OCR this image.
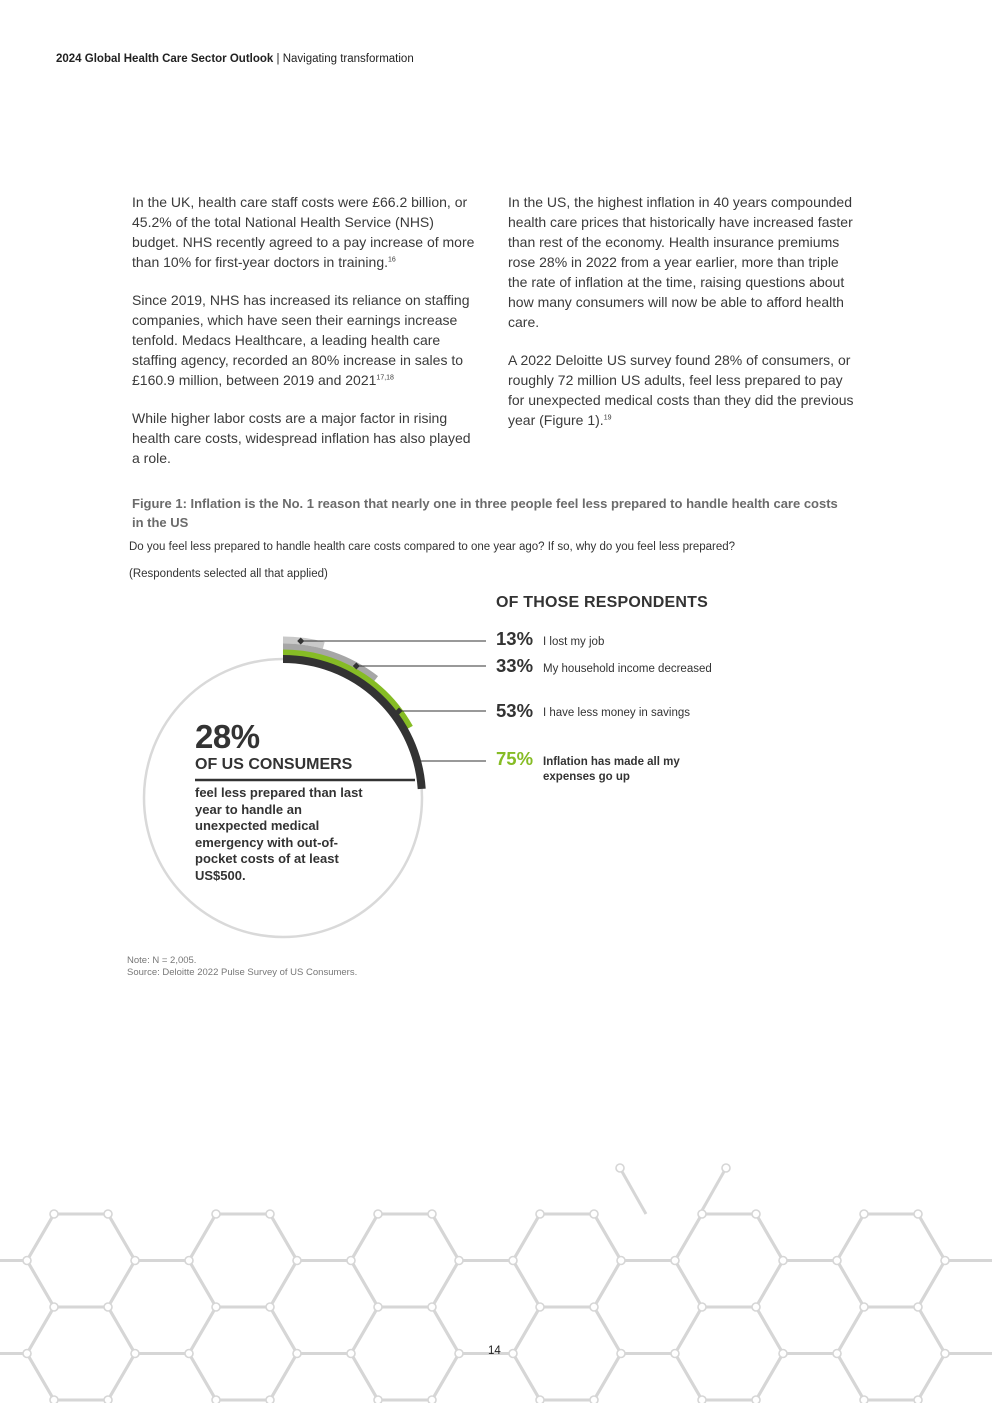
2024 Global Health Care Sector Outlook | Navigating transformation

In the UK, health care staff costs were £66.2 billion, or 45.2% of the total National Health Service (NHS) budget. NHS recently agreed to a pay increase of more than 10% for first-year doctors in training.$^{16}$

Since 2019, NHS has increased its reliance on staffing companies, which have seen their earnings increase tenfold. Medacs Healthcare, a leading health care staffing agency, recorded an 80% increase in sales to £160.9 million, between 2019 and 2021$^{17,18}$

While higher labor costs are a major factor in rising health care costs, widespread inflation has also played a role.

In the US, the highest inflation in 40 years compounded health care prices that historically have increased faster than rest of the economy. Health insurance premiums rose 28% in 2022 from a year earlier, more than triple the rate of inflation at the time, raising questions about how many consumers will now be able to afford health care.

A 2022 Deloitte US survey found 28% of consumers, or roughly 72 million US adults, feel less prepared to pay for unexpected medical costs than they did the previous year (Figure 1).$^{19}$

Figure 1: Inflation is the No. 1 reason that nearly one in three people feel less prepared to handle health care costs in the US
Do you feel less prepared to handle health care costs compared to one year ago? If so, why do you feel less prepared?
(Respondents selected all that applied)
28%
OF US CONSUMERS
feel less prepared than last year to handle an unexpected medical emergency with out-of-pocket costs of at least US$500.
OF THOSE RESPONDENTS
13% I lost my job
33% My household income decreased
53% I have less money in savings
75% Inflation has made all my expenses go up
Note: N = 2,005.
Source: Deloitte 2022 Pulse Survey of US Consumers.
14
